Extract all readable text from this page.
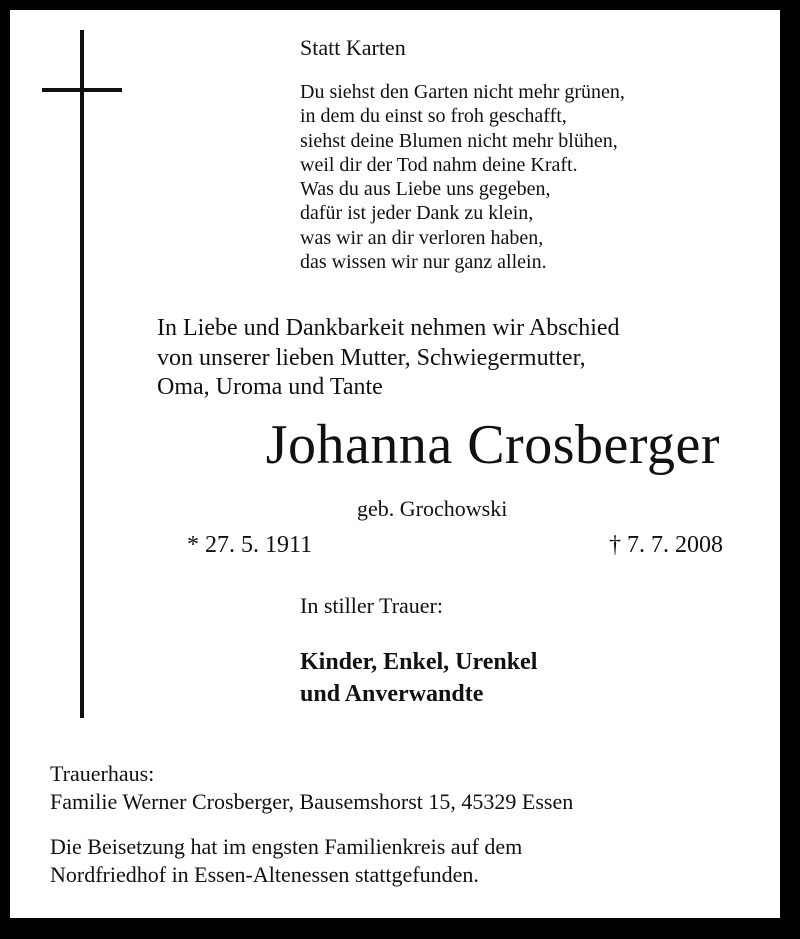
Statt Karten
Du siehst den Garten nicht mehr grünen,
in dem du einst so froh geschafft,
siehst deine Blumen nicht mehr blühen,
weil dir der Tod nahm deine Kraft.
Was du aus Liebe uns gegeben,
dafür ist jeder Dank zu klein,
was wir an dir verloren haben,
das wissen wir nur ganz allein.
In Liebe und Dankbarkeit nehmen wir Abschied
von unserer lieben Mutter, Schwiegermutter,
Oma, Uroma und Tante
Johanna Crosberger
geb. Grochowski
* 27. 5. 1911	† 7. 7. 2008
In stiller Trauer:
Kinder, Enkel, Urenkel
und Anverwandte
Trauerhaus:
Familie Werner Crosberger, Bausemshorst 15, 45329 Essen
Die Beisetzung hat im engsten Familienkreis auf dem
Nordfriedhof in Essen-Altenessen stattgefunden.
